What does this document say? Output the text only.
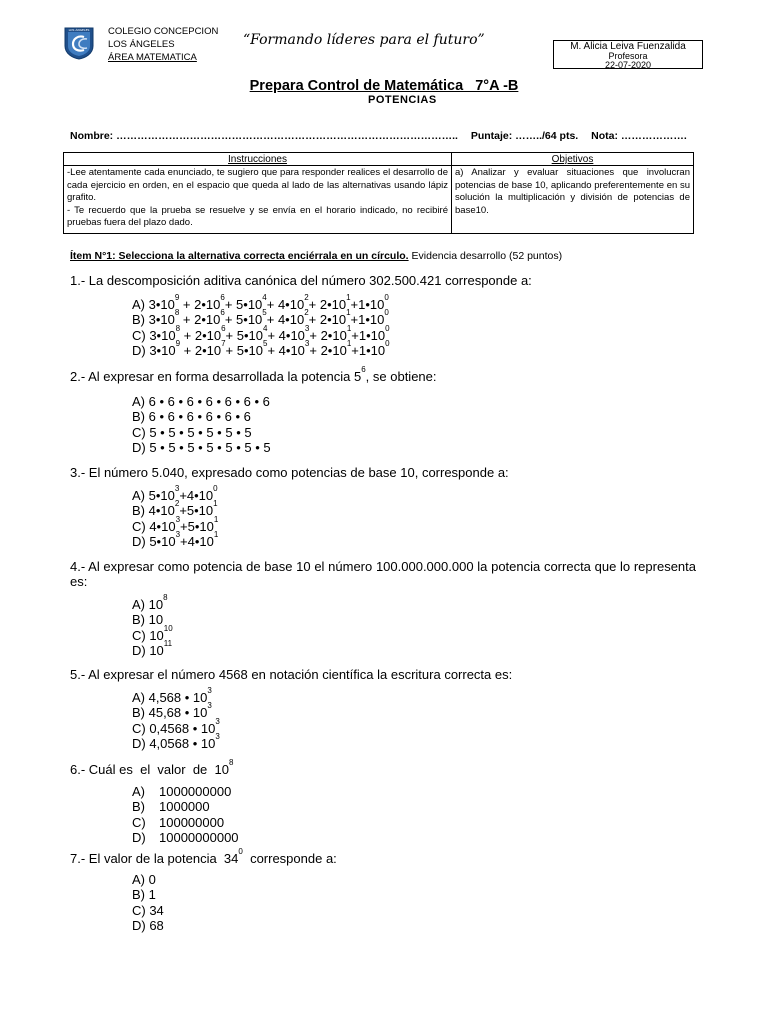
LOS ÁNGELES COLEGIO CONCEPCION
LOS ÁNGELES
ÁREA MATEMATICA
“Formando líderes para el futuro”	M. Alicia Leiva Fuenzalida
Profesora
22-07-2020
Prepara Control de Matemática   7°A -B
POTENCIAS
Nombre: …………………………………………………………………………………….. Puntaje: ……../64 pts. Nota: ……………….
Instrucciones	Objetivos

-Lee atentamente cada enunciado, te sugiero que para responder realices el desarrollo de cada ejercicio en orden, en el espacio que queda al lado de las alternativas usando lápiz grafito.
- Te recuerdo que la prueba se resuelve y se envía en el horario indicado, no recibiré pruebas fuera del plazo dado.	a) Analizar y evaluar situaciones que involucran potencias de base 10, aplicando preferentemente en su solución la multiplicación y división de potencias de base10.
Ítem N°1: Selecciona la alternativa correcta enciérrala en un círculo. Evidencia desarrollo (52 puntos)
1.- La descomposición aditiva canónica del número 302.500.421 corresponde a:
A) $3•10^9$ + $2•10^6+$ $5•10^4+$ $4•10^2+$ $2•10^1+1•10^0$
B) $3•10^8$ + $2•10^6+$ $5•10^5+$ $4•10^2+$ $2•10^1+1•10^0$
C) $3•10^8$ + $2•10^6+$ $5•10^4+$ $4•10^3+$ $2•10^1+1•10^0$
D) $3•10^9$ + $2•10^7+$ $5•10^5+$ $4•10^3+$ $2•10^1+1•10^0$
2.- Al expresar en forma desarrollada la potencia $5^6$, se obtiene:
A) 6 • 6 • 6 • 6 • 6 • 6 • 6
B) 6 • 6 • 6 • 6 • 6 • 6
C) 5 • 5 • 5 • 5 • 5 • 5
D) 5 • 5 • 5 • 5 • 5 • 5 • 5
3.- El número 5.040, expresado como potencias de base 10, corresponde a:
A) $5•10^3+4•10^0$
B) $4•10^2+5•10^1$
C) $4•10^3+5•10^1$
D) $5•10^3+4•10^1$
4.- Al expresar como potencia de base 10 el número 100.000.000.000 la potencia correcta que lo representa es:
A) $10^8$
B) 10
C) $10^{10}$
D) $10^{11}$
5.- Al expresar el número 4568 en notación científica la escritura correcta es:
A) 4,568 • $10^3$
B) 45,68 • $10^3$
C) 0,4568 • $10^3$
D) 4,0568 • $10^3$
6.- Cuál es  el  valor  de  $10^8$
A) 1000000000
B) 1000000
C) 100000000
D) 10000000000
7.- El valor de la potencia  $34^0$  corresponde a:
A) 0
B) 1
C) 34
D) 68
